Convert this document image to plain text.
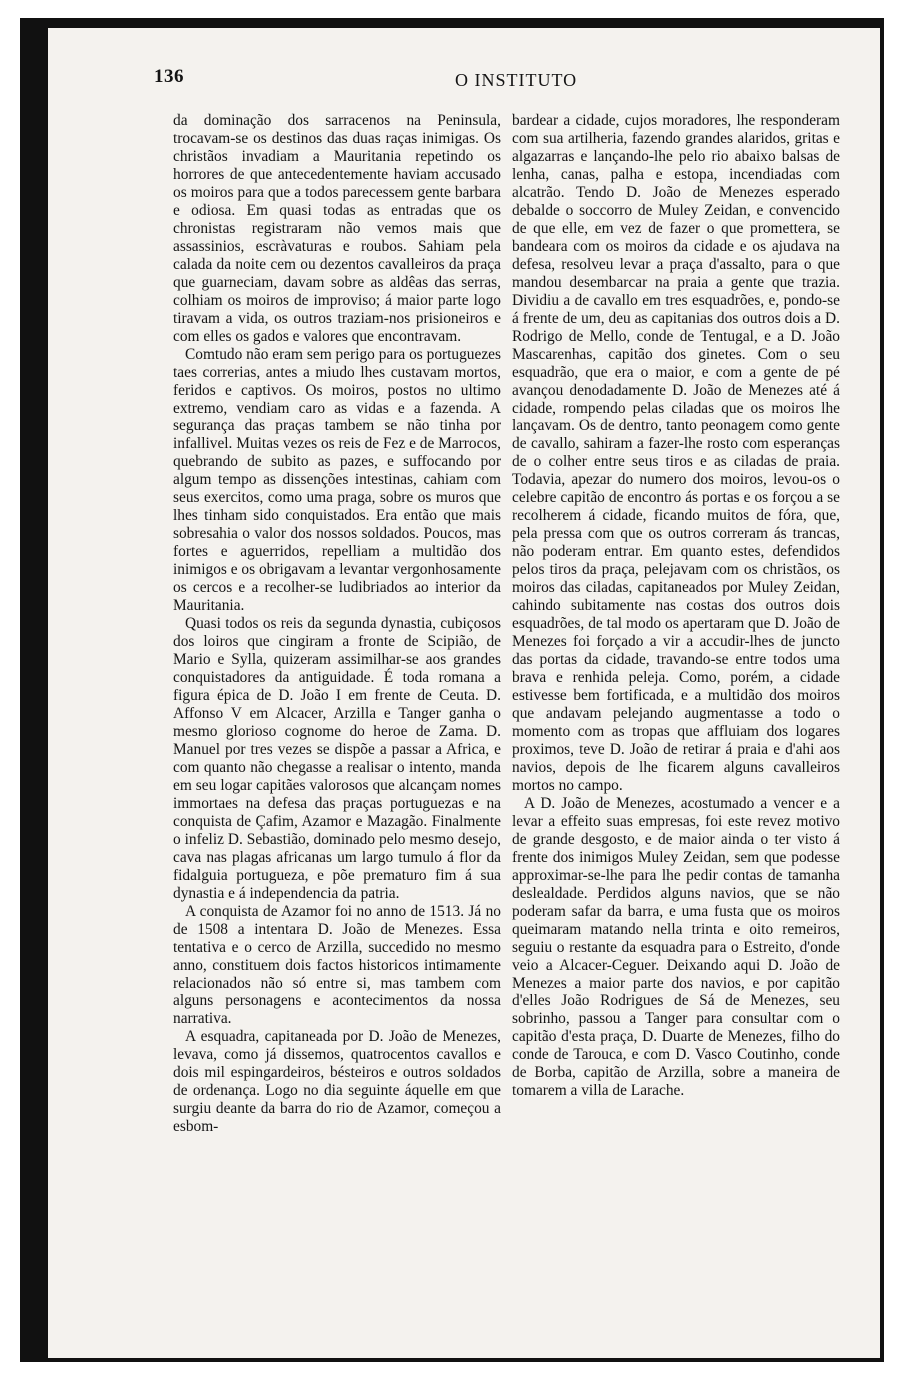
136	O INSTITUTO

da dominação dos sarracenos na Peninsula, trocavam-se os destinos das duas raças inimigas. Os christãos invadiam a Mauritania repetindo os horrores de que antecedentemente haviam accusado os moiros para que a todos parecessem gente barbara e odiosa. Em quasi todas as entradas que os chronistas registraram não vemos mais que assassinios, escràvaturas e roubos. Sahiam pela calada da noite cem ou dezentos cavalleiros da praça que guarneciam, davam sobre as aldêas das serras, colhiam os moiros de improviso; á maior parte logo tiravam a vida, os outros traziam-nos prisioneiros e com elles os gados e valores que encontravam.

Comtudo não eram sem perigo para os portuguezes taes correrias, antes a miudo lhes custavam mortos, feridos e captivos. Os moiros, postos no ultimo extremo, vendiam caro as vidas e a fazenda. A segurança das praças tambem se não tinha por infallivel. Muitas vezes os reis de Fez e de Marrocos, quebrando de subito as pazes, e suffocando por algum tempo as dissenções intestinas, cahiam com seus exercitos, como uma praga, sobre os muros que lhes tinham sido conquistados. Era então que mais sobresahia o valor dos nossos soldados. Poucos, mas fortes e aguerridos, repelliam a multidão dos inimigos e os obrigavam a levantar vergonhosamente os cercos e a recolher-se ludibriados ao interior da Mauritania.

Quasi todos os reis da segunda dynastia, cubiçosos dos loiros que cingiram a fronte de Scipião, de Mario e Sylla, quizeram assimilhar-se aos grandes conquistadores da antiguidade. É toda romana a figura épica de D. João I em frente de Ceuta. D. Affonso V em Alcacer, Arzilla e Tanger ganha o mesmo glorioso cognome do heroe de Zama. D. Manuel por tres vezes se dispõe a passar a Africa, e com quanto não chegasse a realisar o intento, manda em seu logar capitães valorosos que alcançam nomes immortaes na defesa das praças portuguezas e na conquista de Çafim, Azamor e Mazagão. Finalmente o infeliz D. Sebastião, dominado pelo mesmo desejo, cava nas plagas africanas um largo tumulo á flor da fidalguia portugueza, e põe prematuro fim á sua dynastia e á independencia da patria.

A conquista de Azamor foi no anno de 1513. Já no de 1508 a intentara D. João de Menezes. Essa tentativa e o cerco de Arzilla, succedido no mesmo anno, constituem dois factos historicos intimamente relacionados não só entre si, mas tambem com alguns personagens e acontecimentos da nossa narrativa.

A esquadra, capitaneada por D. João de Menezes, levava, como já dissemos, quatrocentos cavallos e dois mil espingardeiros, bésteiros e outros soldados de ordenança. Logo no dia seguinte áquelle em que surgiu deante da barra do rio de Azamor, começou a esbom-

bardear a cidade, cujos moradores, lhe responderam com sua artilheria, fazendo grandes alaridos, gritas e algazarras e lançando-lhe pelo rio abaixo balsas de lenha, canas, palha e estopa, incendiadas com alcatrão. Tendo D. João de Menezes esperado debalde o soccorro de Muley Zeidan, e convencido de que elle, em vez de fazer o que promettera, se bandeara com os moiros da cidade e os ajudava na defesa, resolveu levar a praça d'assalto, para o que mandou desembarcar na praia a gente que trazia. Dividiu a de cavallo em tres esquadrões, e, pondo-se á frente de um, deu as capitanias dos outros dois a D. Rodrigo de Mello, conde de Tentugal, e a D. João Mascarenhas, capitão dos ginetes. Com o seu esquadrão, que era o maior, e com a gente de pé avançou denodadamente D. João de Menezes até á cidade, rompendo pelas ciladas que os moiros lhe lançavam. Os de dentro, tanto peonagem como gente de cavallo, sahiram a fazer-lhe rosto com esperanças de o colher entre seus tiros e as ciladas de praia. Todavia, apezar do numero dos moiros, levou-os o celebre capitão de encontro ás portas e os forçou a se recolherem á cidade, ficando muitos de fóra, que, pela pressa com que os outros correram ás trancas, não poderam entrar. Em quanto estes, defendidos pelos tiros da praça, pelejavam com os christãos, os moiros das ciladas, capitaneados por Muley Zeidan, cahindo subitamente nas costas dos outros dois esquadrões, de tal modo os apertaram que D. João de Menezes foi forçado a vir a accudir-lhes de juncto das portas da cidade, travando-se entre todos uma brava e renhida peleja. Como, porém, a cidade estivesse bem fortificada, e a multidão dos moiros que andavam pelejando augmentasse a todo o momento com as tropas que affluiam dos logares proximos, teve D. João de retirar á praia e d'ahi aos navios, depois de lhe ficarem alguns cavalleiros mortos no campo.

A D. João de Menezes, acostumado a vencer e a levar a effeito suas empresas, foi este revez motivo de grande desgosto, e de maior ainda o ter visto á frente dos inimigos Muley Zeidan, sem que podesse approximar-se-lhe para lhe pedir contas de tamanha deslealdade. Perdidos alguns navios, que se não poderam safar da barra, e uma fusta que os moiros queimaram matando nella trinta e oito remeiros, seguiu o restante da esquadra para o Estreito, d'onde veio a Alcacer-Ceguer. Deixando aqui D. João de Menezes a maior parte dos navios, e por capitão d'elles João Rodrigues de Sá de Menezes, seu sobrinho, passou a Tanger para consultar com o capitão d'esta praça, D. Duarte de Menezes, filho do conde de Tarouca, e com D. Vasco Coutinho, conde de Borba, capitão de Arzilla, sobre a maneira de tomarem a villa de Larache.
